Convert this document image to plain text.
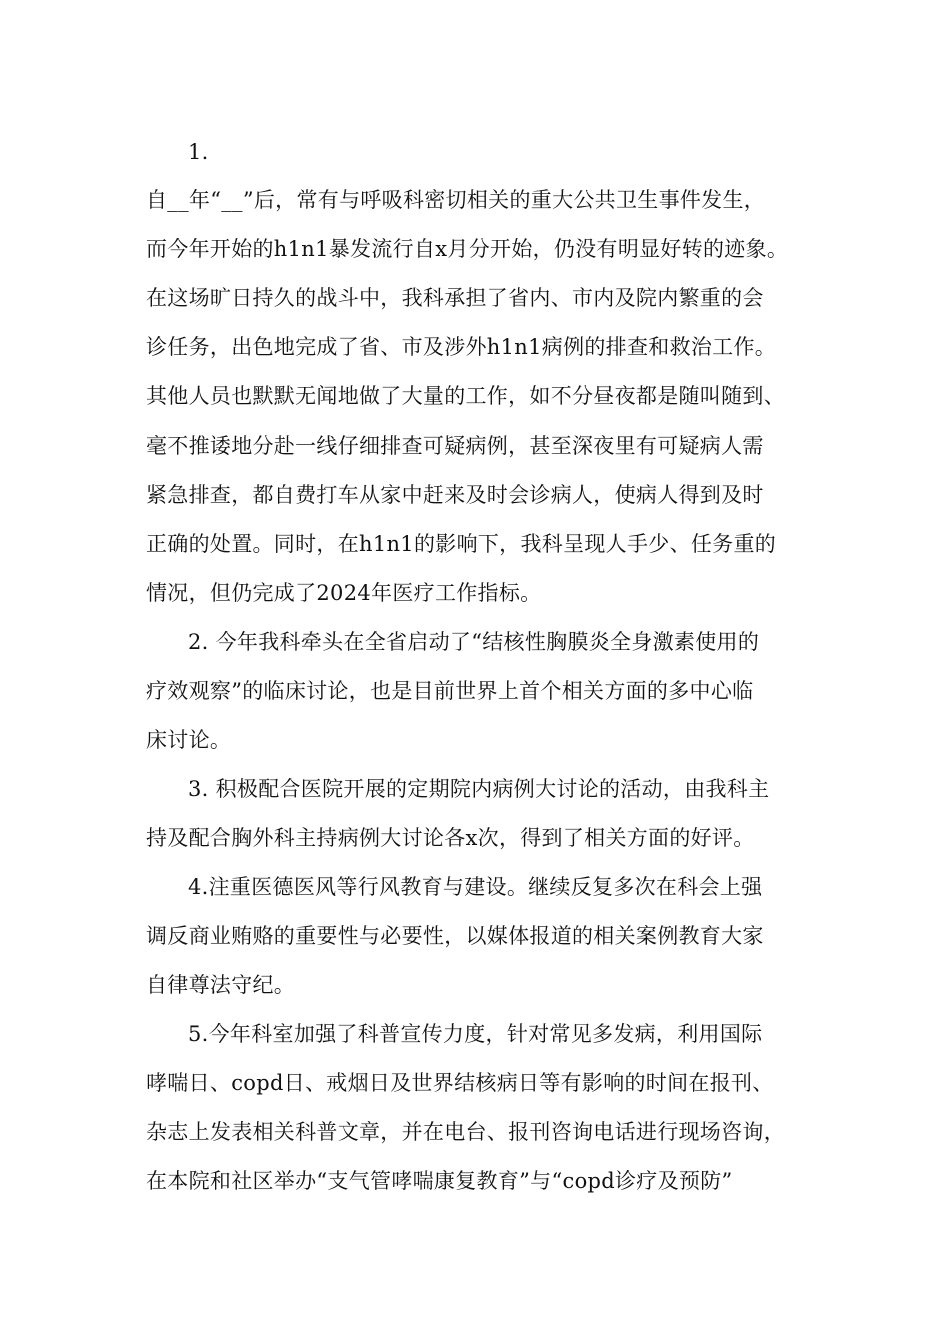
1.
自__年“__”后，常有与呼吸科密切相关的重大公共卫生事件发生，
而今年开始的h1n1暴发流行自x月分开始，仍没有明显好转的迹象。
在这场旷日持久的战斗中，我科承担了省内、市内及院内繁重的会
诊任务，出色地完成了省、市及涉外h1n1病例的排查和救治工作。
其他人员也默默无闻地做了大量的工作，如不分昼夜都是随叫随到、
毫不推诿地分赴一线仔细排查可疑病例，甚至深夜里有可疑病人需
紧急排查，都自费打车从家中赶来及时会诊病人，使病人得到及时
正确的处置。同时，在h1n1的影响下，我科呈现人手少、任务重的
情况，但仍完成了2024年医疗工作指标。
2. 今年我科牵头在全省启动了“结核性胸膜炎全身激素使用的
疗效观察”的临床讨论，也是目前世界上首个相关方面的多中心临
床讨论。
3. 积极配合医院开展的定期院内病例大讨论的活动，由我科主
持及配合胸外科主持病例大讨论各x次，得到了相关方面的好评。
4.注重医德医风等行风教育与建设。继续反复多次在科会上强
调反商业贿赂的重要性与必要性，以媒体报道的相关案例教育大家
自律尊法守纪。
5.今年科室加强了科普宣传力度，针对常见多发病，利用国际
哮喘日、copd日、戒烟日及世界结核病日等有影响的时间在报刊、
杂志上发表相关科普文章，并在电台、报刊咨询电话进行现场咨询，
在本院和社区举办“支气管哮喘康复教育”与“copd诊疗及预防”
